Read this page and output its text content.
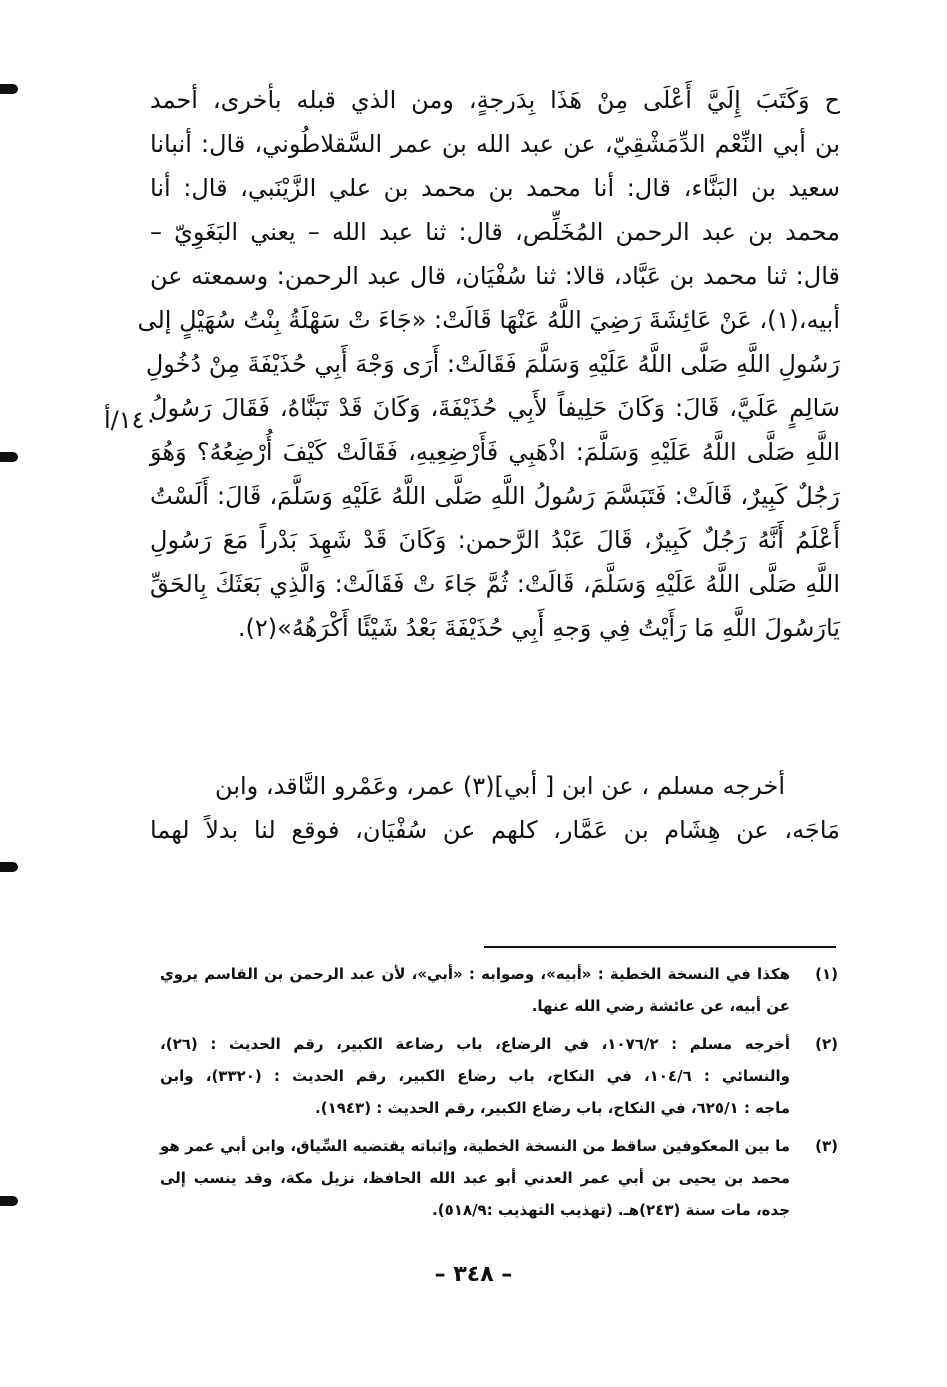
ح وَكَتَبَ إِلَيَّ أَعْلَى مِنْ هَذَا بِدَرجةٍ، ومن الذي قبله بأخرى، أحمد
بن أبي النِّعْم الدِّمَشْقِيّ، عن عبد الله بن عمر السَّقلاطُوني، قال: أنبانا
سعيد بن البَنَّاء، قال: أنا محمد بن محمد بن علي الزَّيْنَبي، قال: أنا
محمد بن عبد الرحمن المُخَلِّص، قال: ثنا عبد الله – يعني البَغَوِيّ –
قال: ثنا محمد بن عَبَّاد، قالا: ثنا سُفْيَان، قال عبد الرحمن: وسمعته عن
أبيه،(١)، عَنْ عَائِشَةَ رَضِيَ اللَّهُ عَنْهَا قَالَتْ: «جَاءَ تْ سَهْلَةُ بِنْتُ سُهَيْلٍ إلى
رَسُولِ اللَّهِ صَلَّى اللَّهُ عَلَيْهِ وَسَلَّمَ فَقَالَتْ: أَرَى وَجْهَ أَبِي حُذَيْفَةَ مِنْ دُخُولِ
سَالِمٍ عَلَيَّ، قَالَ: وَكَانَ حَلِيفاً لأَبِي حُذَيْفَةَ، وَكَانَ قَدْ تَبَنَّاهُ، فَقَالَ رَسُولُ
اللَّهِ صَلَّى اللَّهُ عَلَيْهِ وَسَلَّمَ: اذْهَبِي فَأَرْضِعِيهِ، فَقَالَتْ كَيْفَ أُرْضِعُهُ؟ وَهُوَ
رَجُلٌ كَبِيرٌ، قَالَتْ: فَتَبَسَّمَ رَسُولُ اللَّهِ صَلَّى اللَّهُ عَلَيْهِ وَسَلَّمَ، قَالَ: أَلَسْتُ
أَعْلَمُ أَنَّهُ رَجُلٌ كَبِيرٌ، قَالَ عَبْدُ الرَّحمن: وَكَانَ قَدْ شَهِدَ بَدْراً مَعَ رَسُولِ
اللَّهِ صَلَّى اللَّهُ عَلَيْهِ وَسَلَّمَ، قَالَتْ: ثُمَّ جَاءَ تْ فَقَالَتْ: وَالَّذِي بَعَثَكَ بِالحَقِّ
يَارَسُولَ اللَّهِ مَا رَأَيْتُ فِي وَجهِ أَبِي حُذَيْفَةَ بَعْدُ شَيْئًا أَكْرَهُهُ»(٢).
١٤٠/أ
أخرجه مسلم ، عن ابن [ أبي](٣) عمر، وعَمْرو النَّاقد، وابن
مَاجَه، عن هِشَام بن عَمَّار، كلهم عن سُفْيَان، فوقع لنا بدلاً لهما
(١)
هكذا في النسخة الخطية : «أبيه»، وصوابه : «أبي»، لأن عبد الرحمن بن القاسم يروي
عن أبيه، عن عائشة رضي الله عنها.
(٢)
أخرجه مسلم : ١٠٧٦/٢، في الرضاع، باب رضاعة الكبير، رقم الحديث : (٢٦)،
والنسائي : ١٠٤/٦، في النكاح، باب رضاع الكبير، رقم الحديث : (٣٣٢٠)، وابن
ماجه : ٦٢٥/١، في النكاح، باب رضاع الكبير، رقم الحديث : (١٩٤٣).
(٣)
ما بين المعكوفين ساقط من النسخة الخطية، وإثباته يقتضيه السِّياق، وابن أبي عمر هو
محمد بن يحيى بن أبي عمر العدني أبو عبد الله الحافظ، نزيل مكة، وقد ينسب إلى
جده، مات سنة (٢٤٣)هـ. (تهذيب التهذيب :٥١٨/٩).
– ٣٤٨ –
